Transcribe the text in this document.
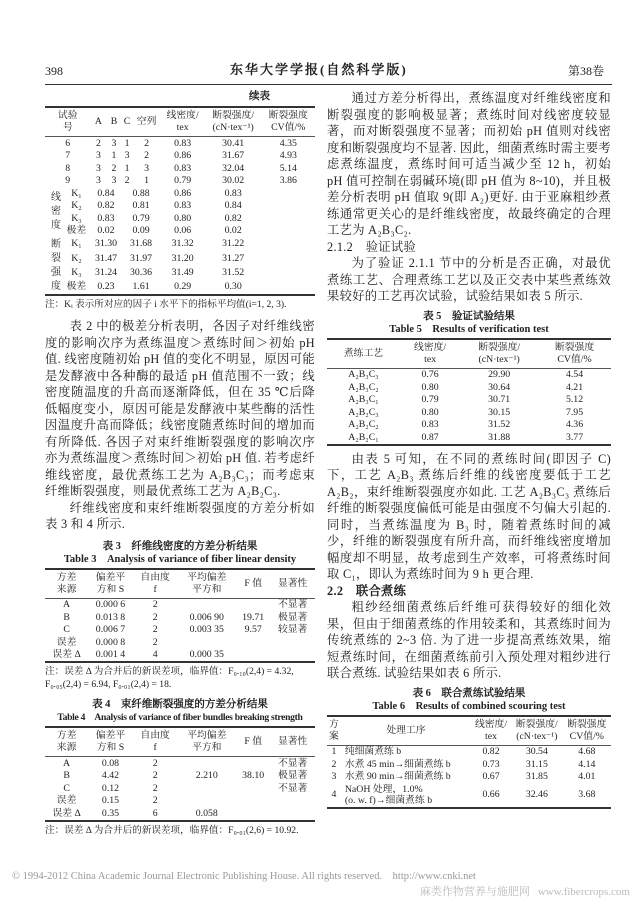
398	东华大学学报(自然科学版)	第38卷
续表
试验
号		A	B	C	空列	线密度/
tex	断裂强度/
(cN·tex⁻¹)	断裂强度
CV值/%
6		2	3	1	2	0.83	30.41	4.35
7		3	1	3	2	0.86	31.67	4.93
8		3	2	1	3	0.83	32.04	5.14
9		3	3	2	1	0.79	30.02	3.86
线密度	K₁	0.84		0.88		0.86	0.83	
	K₂	0.82		0.81		0.83	0.84	
	K₃	0.83		0.79		0.80	0.82	
	极差	0.02		0.09		0.06	0.02	
断裂强度	K₁	31.30		31.68		31.32	31.22	
	K₂	31.47		31.97		31.20	31.27	
	K₃	31.24		30.36		31.49	31.52	
	极差	0.23		1.61		0.29	0.30	
注：Kᵢ 表示所对应的因子 i 水平下的指标平均值(i=1, 2, 3).

表 2 中的极差分析表明，各因子对纤维线密度的影响次序为煮练温度＞煮练时间＞初始 pH 值. 线密度随初始 pH 值的变化不明显，原因可能是发酵液中各种酶的最适 pH 值范围不一致；线密度随温度的升高而逐渐降低，但在 35 ℃后降低幅度变小，原因可能是发酵液中某些酶的活性因温度升高而降低；线密度随煮练时间的增加而有所降低. 各因子对束纤维断裂强度的影响次序亦为煮练温度＞煮练时间＞初始 pH 值. 若考虑纤维线密度，最优煮练工艺为 A₂B₃C₃；而考虑束纤维断裂强度，则最优煮练工艺为 A₂B₂C₃.

纤维线密度和束纤维断裂强度的方差分析如表 3 和 4 所示.

表 3　纤维线密度的方差分析结果
Table 3　Analysis of variance of fiber linear density
方差
来源	偏差平
方和 S	自由度
f	平均偏差
平方和	F 值	显著性
A	0.000 6	2			不显著
B	0.013 8	2	0.006 90	19.71	极显著
C	0.006 7	2	0.003 35	9.57	较显著
误差	0.000 8	2			
误差 Δ	0.001 4	4	0.000 35		
注：误差 Δ 为合并后的新误差项，临界值：F₀.₁₀(2,4) = 4.32, F₀.₀₅(2,4) = 6.94, F₀.₀₁(2,4) = 18.
表 4　束纤维断裂强度的方差分析结果
Table 4　Analysis of variance of fiber bundles breaking strength
方差
来源	偏差平
方和 S	自由度
f	平均偏差
平方和	F 值	显著性
A	0.08	2			不显著
B	4.42	2	2.210	38.10	极显著
C	0.12	2			不显著
误差	0.15	2			
误差 Δ	0.35	6	0.058		
注：误差 Δ 为合并后的新误差项，临界值：F₀.₀₁(2,6) = 10.92.

通过方差分析得出，煮练温度对纤维线密度和断裂强度的影响极显著；煮练时间对线密度较显著，而对断裂强度不显著；而初始 pH 值则对线密度和断裂强度均不显著. 因此，细菌煮练时需主要考虑煮练温度，煮练时间可适当减少至 12 h，初始 pH 值可控制在弱碱环境(即 pH 值为 8~10)，并且极差分析表明 pH 值取 9(即 A₂)更好. 由于亚麻粗纱煮练通常更关心的是纤维线密度，故最终确定的合理工艺为 A₂B₃C₂.

2.1.2　验证试验

为了验证 2.1.1 节中的分析是否正确，对最优煮练工艺、合理煮练工艺以及正交表中某些煮练效果较好的工艺再次试验，试验结果如表 5 所示.

表 5　验证试验结果
Table 5　Results of verification test
煮练工艺	线密度/
tex	断裂强度/
(cN·tex⁻¹)	断裂强度
CV值/%
A₂B₃C₃	0.76	29.90	4.54
A₂B₃C₂	0.80	30.64	4.21
A₂B₃C₁	0.79	30.71	5.12
A₂B₂C₃	0.80	30.15	7.95
A₂B₂C₂	0.83	31.52	4.36
A₂B₂C₁	0.87	31.88	3.77

由表 5 可知，在不同的煮练时间(即因子 C)下，工艺 A₂B₃ 煮练后纤维的线密度要低于工艺 A₂B₂，束纤维断裂强度亦如此. 工艺 A₂B₃C₃ 煮练后纤维的断裂强度偏低可能是由强度不匀偏大引起的. 同时，当煮练温度为 B₃ 时，随着煮练时间的减少，纤维的断裂强度有所升高，而纤维线密度增加幅度却不明显，故考虑到生产效率，可将煮练时间取 C₁，即认为煮练时间为 9 h 更合理.

2.2　联合煮练

粗纱经细菌煮练后纤维可获得较好的细化效果，但由于细菌煮练的作用较柔和，其煮练时间为传统煮练的 2~3 倍. 为了进一步提高煮练效果，缩短煮练时间，在细菌煮练前引入预处理对粗纱进行联合煮练. 试验结果如表 6 所示.

表 6　联合煮练试验结果
Table 6　Results of combined scouring test
方
案	处理工序	线密度/
tex	断裂强度/
(cN·tex⁻¹)	断裂强度
CV值/%
1	纯细菌煮练 b	0.82	30.54	4.68
2	水煮 45 min→细菌煮练 b	0.73	31.15	4.14
3	水煮 90 min→细菌煮练 b	0.67	31.85	4.01
4	NaOH 处理，1.0%
(o. w. f)→细菌煮练 b	0.66	32.46	3.68
© 1994-2012 China Academic Journal Electronic Publishing House. All rights reserved.　http://www.cnki.net
麻类作物营养与施肥网 www.fibercrops.com
